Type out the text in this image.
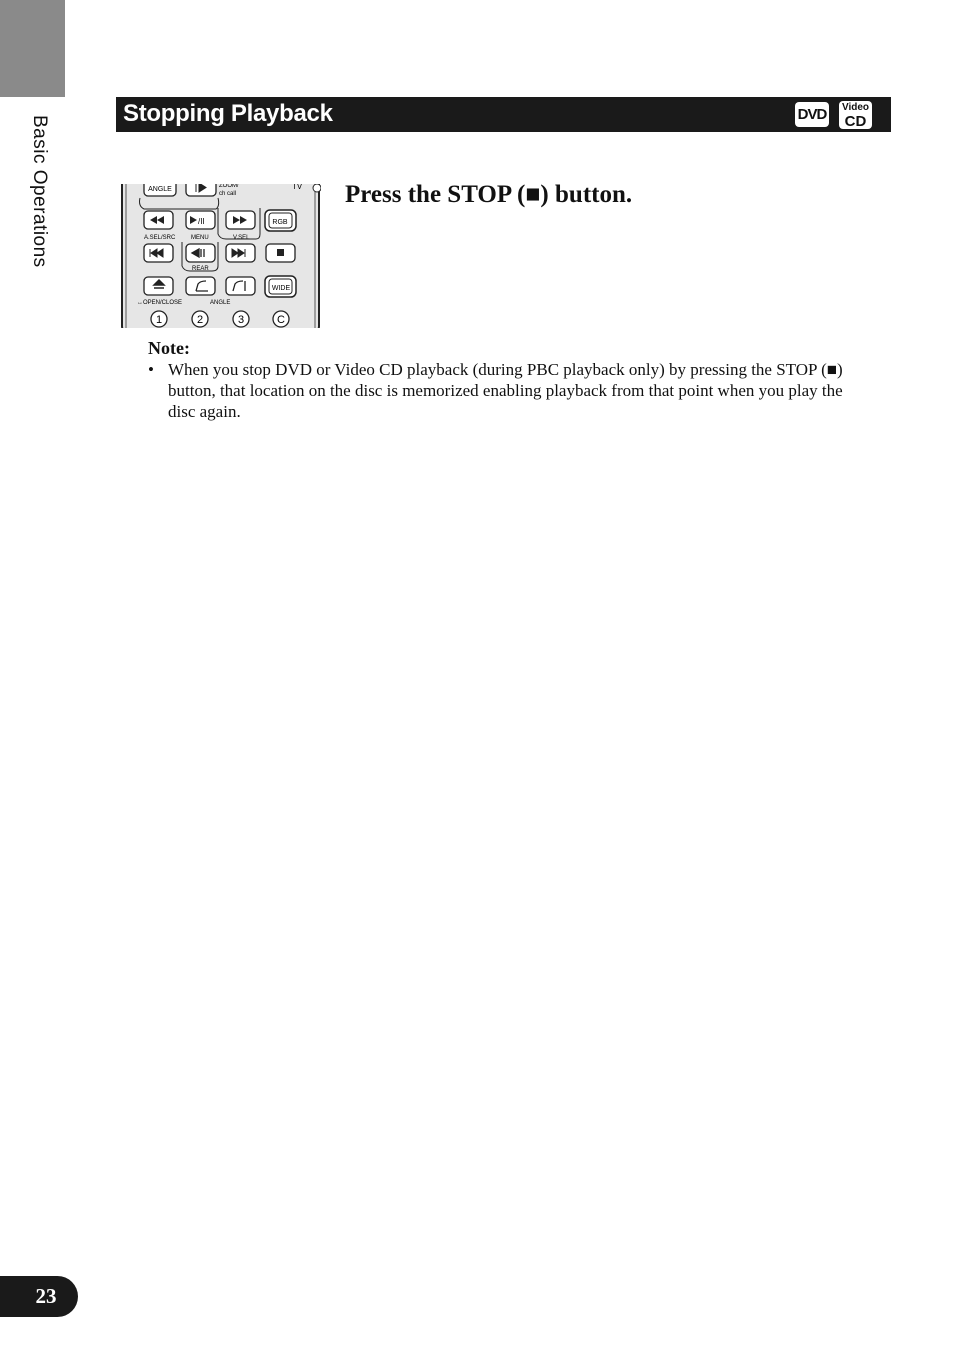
Basic Operations
Stopping Playback	DVD Video
CD
ANGLE	ZOOM/
ch call
TV
/II	RGB
A.SEL/SRC	MENU	V.SEL
REAR
WIDE
↔OPEN/CLOSE	ANGLE
1	2	3	C
Press the STOP (■) button.
Note:
• When you stop DVD or Video CD playback (during PBC playback only) by pressing the STOP (■) button, that location on the disc is memorized enabling playback from that point when you play the disc again.
23
